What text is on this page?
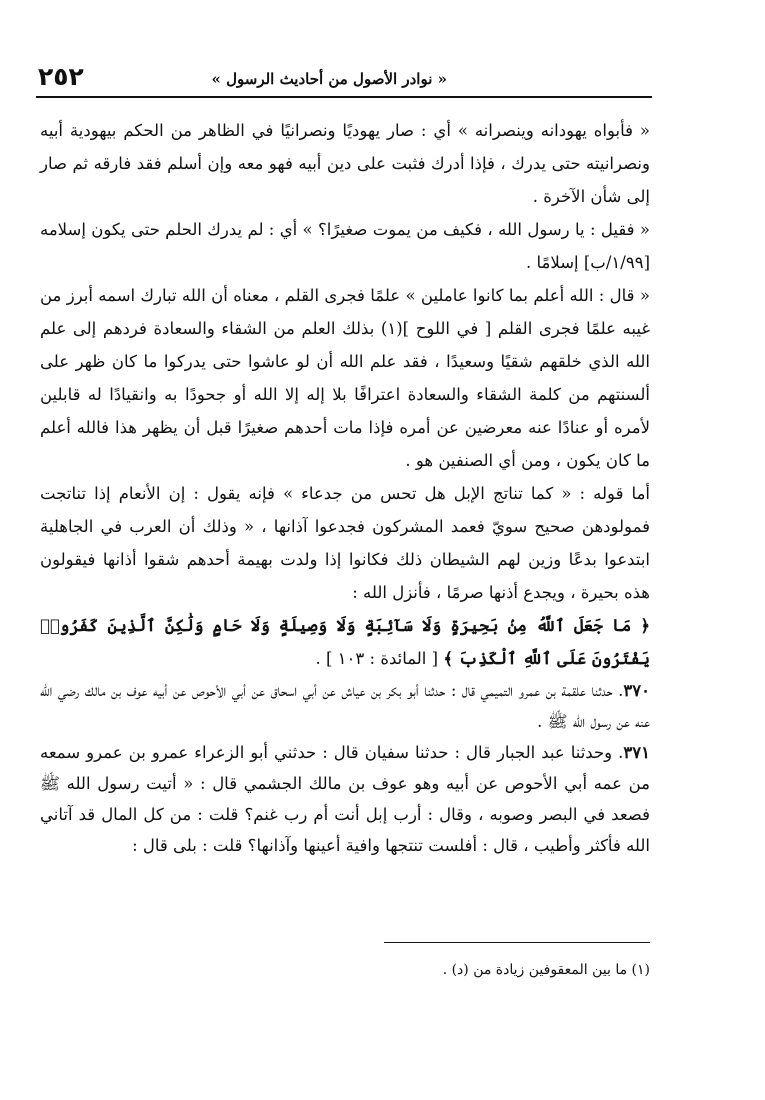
٢٥٢	« نوادر الأصول من أحاديث الرسول »

« فأبواه يهودانه وينصرانه » أي : صار يهوديًا ونصرانيًا في الظاهر من الحكم بيهودية أبيه ونصرانيته حتى يدرك ، فإذا أدرك فثبت على دين أبيه فهو معه وإن أسلم فقد فارقه ثم صار إلى شأن الآخرة .

« فقيل : يا رسول الله ، فكيف من يموت صغيرًا؟ » أي : لم يدرك الحلم حتى يكون إسلامه [١/٩٩/ب] إسلامًا .

« قال : الله أعلم بما كانوا عاملين » علمًا فجرى القلم ، معناه أن الله تبارك اسمه أبرز من غيبه علمًا فجرى القلم [ في اللوح ](١) بذلك العلم من الشقاء والسعادة فردهم إلى علم الله الذي خلقهم شقيًا وسعيدًا ، فقد علم الله أن لو عاشوا حتى يدركوا ما كان ظهر على ألسنتهم من كلمة الشقاء والسعادة اعترافًا بلا إله إلا الله أو جحودًا به وانقيادًا له قابلين لأمره أو عنادًا عنه معرضين عن أمره فإذا مات أحدهم صغيرًا قبل أن يظهر هذا فالله أعلم ما كان يكون ، ومن أي الصنفين هو .

أما قوله : « كما تناتج الإبل هل تحس من جدعاء » فإنه يقول : إن الأنعام إذا تناتجت فمولودهن صحيح سويّ فعمد المشركون فجدعوا آذانها ، « وذلك أن العرب في الجاهلية ابتدعوا بدعًا وزين لهم الشيطان ذلك فكانوا إذا ولدت بهيمة أحدهم شقوا أذانها فيقولون هذه بحيرة ، ويجدع أذنها صرمًا ، فأنزل الله :

﴿ مَا جَعَلَ ٱللَّهُ مِنۢ بَحِيرَةٍ وَلَا سَآئِبَةٍ وَلَا وَصِيلَةٍ وَلَا حَامٍ وَلَٰكِنَّ ٱلَّذِينَ كَفَرُوا۟ يَفْتَرُونَ عَلَى ٱللَّهِ ٱلْكَذِبَ ﴾ [ المائدة : ١٠٣ ] .

٣٧٠. حدثنا علقمة بن عمرو التميمي قال : حدثنا أبو بكر بن عياش عن أبي اسحاق عن أبي الأحوص عن أبيه عوف بن مالك رضي الله عنه عن رسول الله ﷺ .

٣٧١. وحدثنا عبد الجبار قال : حدثنا سفيان قال : حدثني أبو الزعراء عمرو بن عمرو سمعه من عمه أبي الأحوص عن أبيه وهو عوف بن مالك الجشمي قال : « أتيت رسول الله ﷺ فصعد في البصر وصوبه ، وقال : أرب إبل أنت أم رب غنم؟ قلت : من كل المال قد آتاني الله فأكثر وأطيب ، قال : أفلست تنتجها وافية أعينها وآذانها؟ قلت : بلى قال :

(١) ما بين المعقوفين زيادة من (د) .
